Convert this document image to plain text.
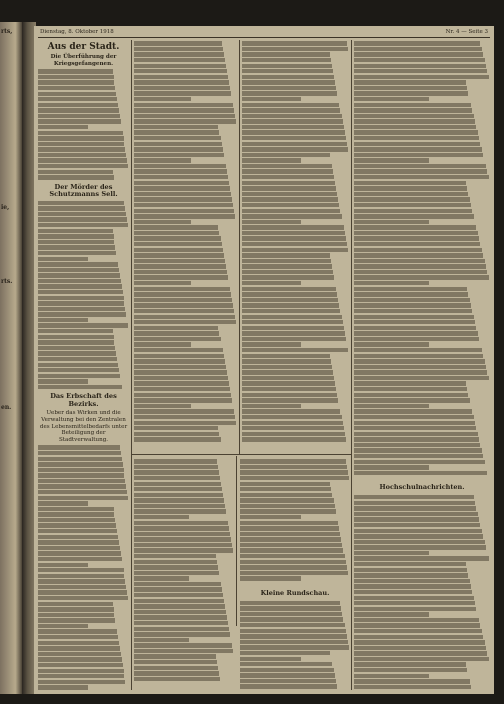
rts,
ie,
rts.
en.
Dienstag, 8. Oktober 1918	Nr. 4 — Seite 3
Aus der Stadt.
Die Überführung der Kriegsgefangenen.
Der Mörder des Schutzmanns Sell.
Das Erbschaft des Bezirks.
Ueber das Wirken und die Verwaltung bei den Zentralen des Lebensmittelbedarfs unter Beteiligung der Stadtverwaltung.
Hochschulnachrichten.
Kleine Rundschau.
